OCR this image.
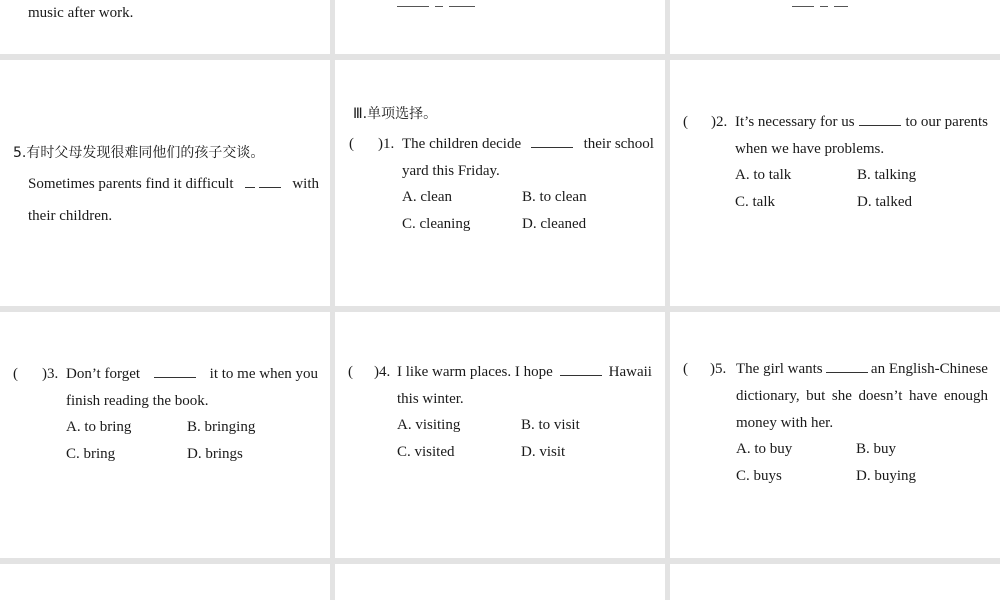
music after work.
5.有时父母发现很难同他们的孩子交谈。
Sometimes parents find it difficult
	with
their children.
Ⅲ.单项选择。
( )1. The children decide	their school
yard this Friday.
A. clean	B. to clean
C. cleaning	D. cleaned
( )2. It’s necessary for us	to our parents
when we have problems.
A. to talk	B. talking
C. talk	D. talked
( )3. Don’t forget	it to me when you
finish reading the book.
A. to bring	B. bringing
C. bring	D. brings
( )4. I like warm places. I hope	Hawaii
this winter.
A. visiting	B. to visit
C. visited	D. visit
( )5. The girl wants	an English-Chinese
dictionary, but she doesn’t have enough
money with her.
A. to buy	B. buy
C. buys	D. buying
